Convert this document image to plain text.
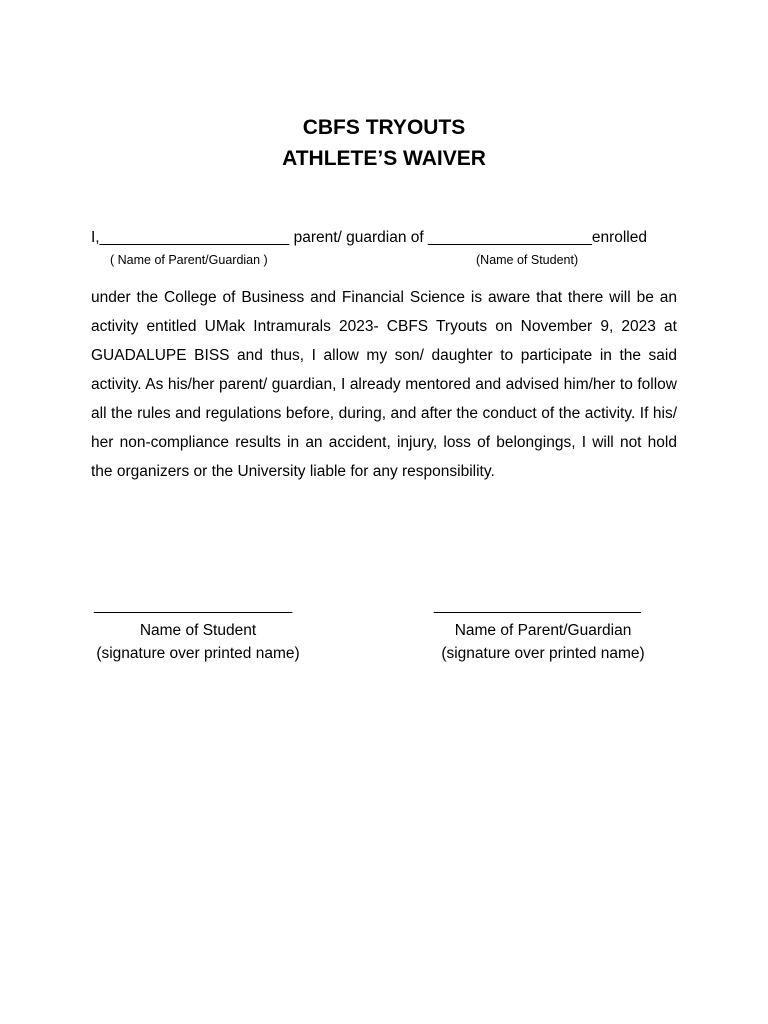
CBFS TRYOUTS
ATHLETE’S WAIVER
I,______________________ parent/ guardian of ___________________enrolled
( Name of Parent/Guardian )	(Name of Student)

under the College of Business and Financial Science is aware that there will be an activity entitled UMak Intramurals 2023- CBFS Tryouts on November 9, 2023 at GUADALUPE BISS and thus, I allow my son/ daughter to participate in the said activity. As his/her parent/ guardian, I already mentored and advised him/her to follow all the rules and regulations before, during, and after the conduct of the activity. If his/ her non-compliance results in an accident, injury, loss of belongings, I will not hold the organizers or the University liable for any responsibility.

_______________________	________________________
Name of Student
(signature over printed name)
Name of Parent/Guardian
(signature over printed name)
